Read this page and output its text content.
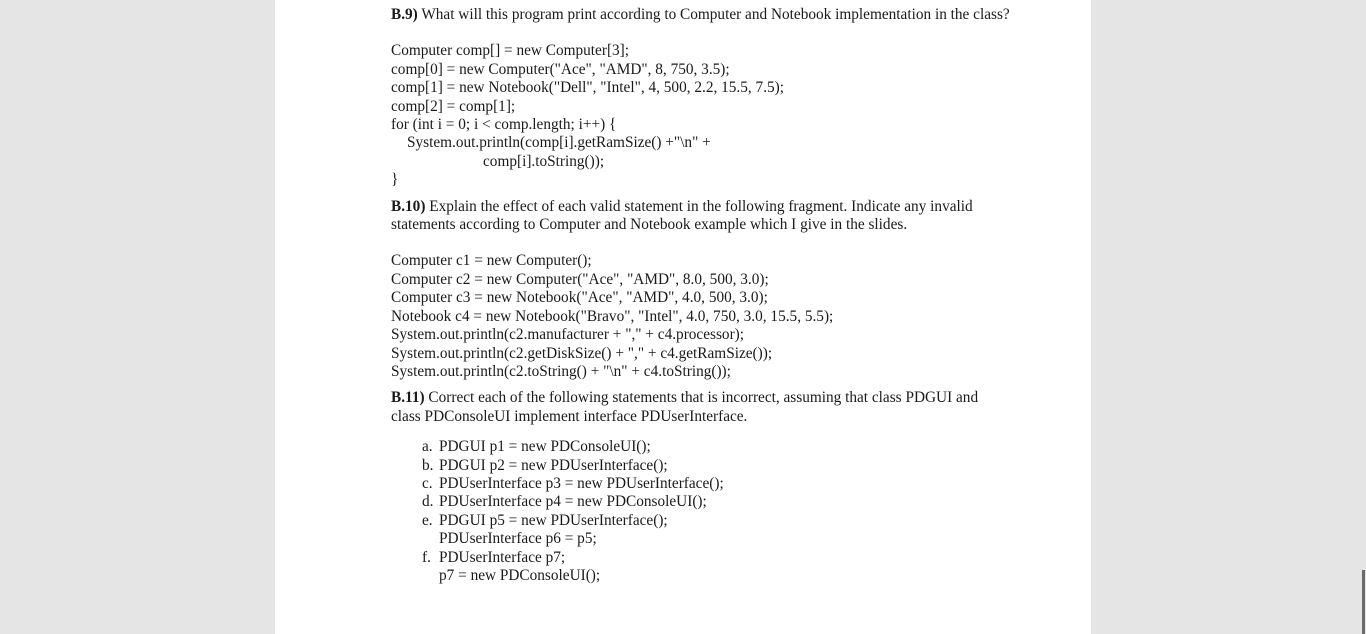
B.9) What will this program print according to Computer and Notebook implementation in the class?

Computer comp[] = new Computer[3];
comp[0] = new Computer("Ace", "AMD", 8, 750, 3.5);
comp[1] = new Notebook("Dell", "Intel", 4, 500, 2.2, 15.5, 7.5);
comp[2] = comp[1];
for (int i = 0; i < comp.length; i++) {
System.out.println(comp[i].getRamSize() +"\n" +
comp[i].toString());
}

B.10) Explain the effect of each valid statement in the following fragment. Indicate any invalid statements according to Computer and Notebook example which I give in the slides.

Computer c1 = new Computer();
Computer c2 = new Computer("Ace", "AMD", 8.0, 500, 3.0);
Computer c3 = new Notebook("Ace", "AMD", 4.0, 500, 3.0);
Notebook c4 = new Notebook("Bravo", "Intel", 4.0, 750, 3.0, 15.5, 5.5);
System.out.println(c2.manufacturer + "," + c4.processor);
System.out.println(c2.getDiskSize() + "," + c4.getRamSize());
System.out.println(c2.toString() + "\n" + c4.toString());

B.11) Correct each of the following statements that is incorrect, assuming that class PDGUI and class PDConsoleUI implement interface PDUserInterface.

a. PDGUI p1 = new PDConsoleUI();
b. PDGUI p2 = new PDUserInterface();
c. PDUserInterface p3 = new PDUserInterface();
d. PDUserInterface p4 = new PDConsoleUI();
e. PDGUI p5 = new PDUserInterface();
PDUserInterface p6 = p5;
f. PDUserInterface p7;
p7 = new PDConsoleUI();
